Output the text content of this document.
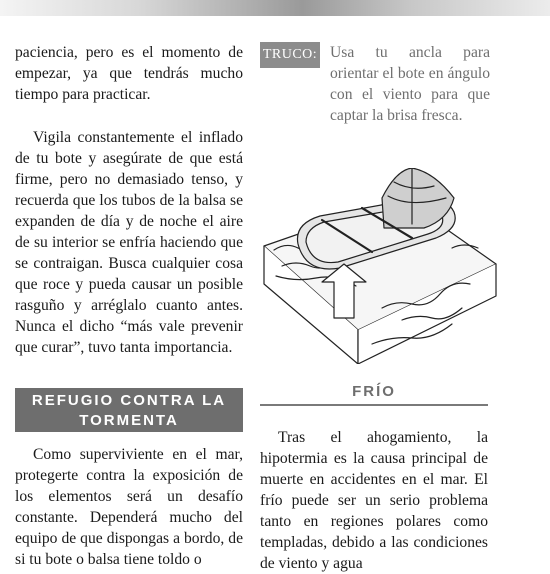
paciencia, pero es el momento de empezar, ya que tendrás mucho tiempo para practicar.

Vigila constantemente el inflado de tu bote y asegúrate de que está firme, pero no demasiado tenso, y recuerda que los tubos de la balsa se expanden de día y de noche el aire de su interior se enfría haciendo que se contraigan. Busca cualquier cosa que roce y pueda causar un posible rasguño y arréglalo cuanto antes. Nunca el dicho “más vale prevenir que curar”, tuvo tanta importancia.

TRUCO: Usa tu ancla para orientar el bote en ángulo con el viento para que captar la brisa fresca.
REFUGIO CONTRA LA
TORMENTA
FRÍO

Como superviviente en el mar, protegerte contra la exposición de los elementos será un desafío constante. Dependerá mucho del equipo de que dispongas a bordo, de si tu bote o balsa tiene toldo o

Tras el ahogamiento, la hipotermia es la causa principal de muerte en accidentes en el mar. El frío puede ser un serio problema tanto en regiones polares como templadas, debido a las condiciones de viento y agua
